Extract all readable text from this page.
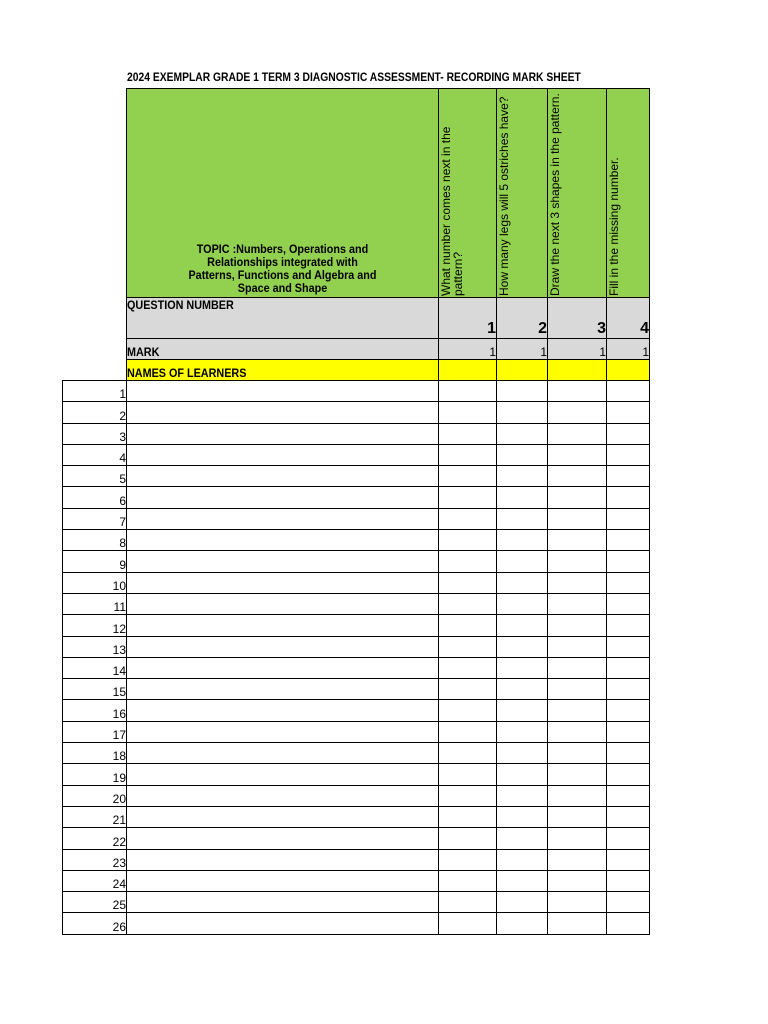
2024 EXEMPLAR GRADE 1 TERM 3 DIAGNOSTIC ASSESSMENT- RECORDING MARK SHEET

	TOPIC :Numbers, Operations and
Relationships integrated with
Patterns, Functions and Algebra and
Space and Shape	What number comes next in the pattern?	How many legs will 5 ostriches have?	Draw the next 3 shapes in the pattern.	Fill in the missing number.

	QUESTION NUMBER	1	2	3	4
	MARK	1	1	1	1
	NAMES OF LEARNERS				
1					
2					
3					
4					
5					
6					
7					
8					
9					
10					
11					
12					
13					
14					
15					
16					
17					
18					
19					
20					
21					
22					
23					
24					
25					
26					
